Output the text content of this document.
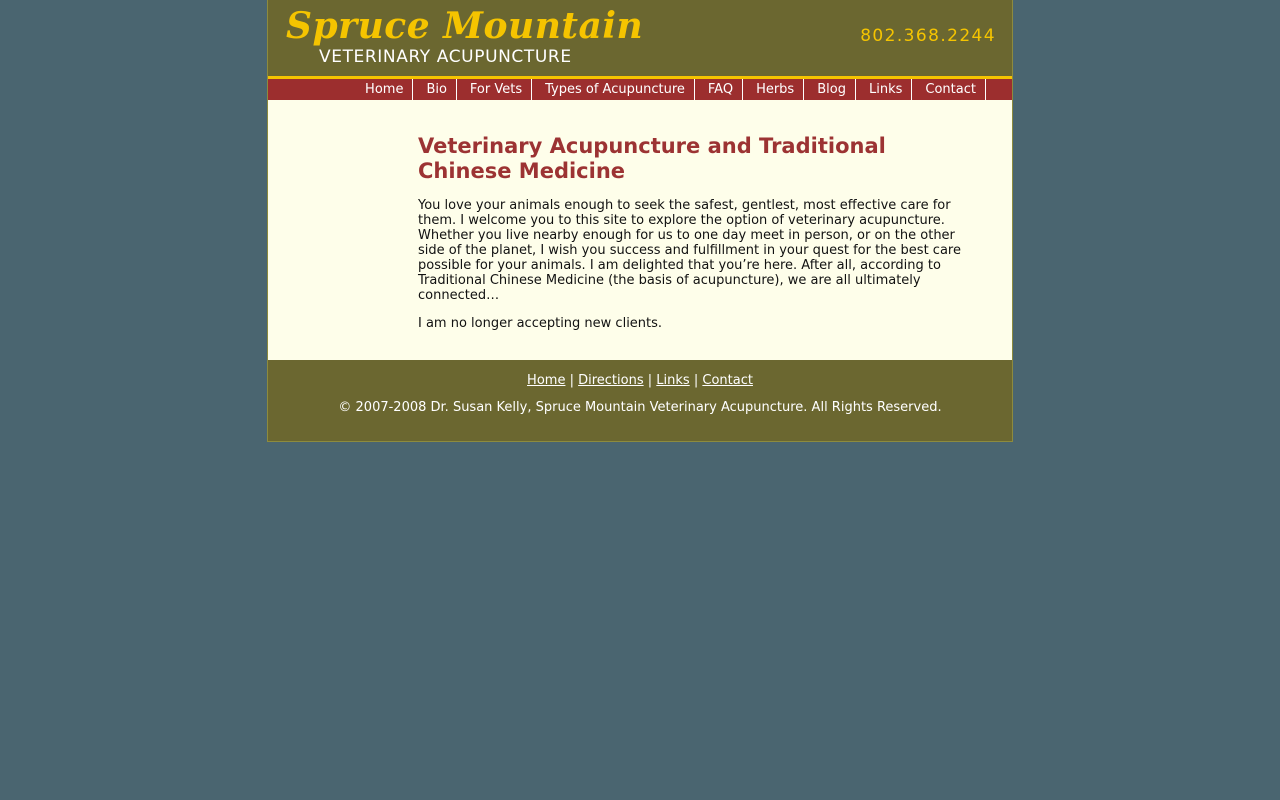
Spruce Mountain
VETERINARY ACUPUNCTURE
802.368.2244
Home	Bio	For Vets	Types of Acupuncture	FAQ	Herbs	Blog	Links	Contact
Veterinary Acupuncture and Traditional Chinese Medicine

You love your animals enough to seek the safest, gentlest, most effective care for them. I welcome you to this site to explore the option of veterinary acupuncture. Whether you live nearby enough for us to one day meet in person, or on the other side of the planet, I wish you success and fulfillment in your quest for the best care possible for your animals. I am delighted that you’re here. After all, according to Traditional Chinese Medicine (the basis of acupuncture), we are all ultimately connected…

I am no longer accepting new clients.

Home | Directions | Links | Contact
© 2007-2008 Dr. Susan Kelly, Spruce Mountain Veterinary Acupuncture. All Rights Reserved.
